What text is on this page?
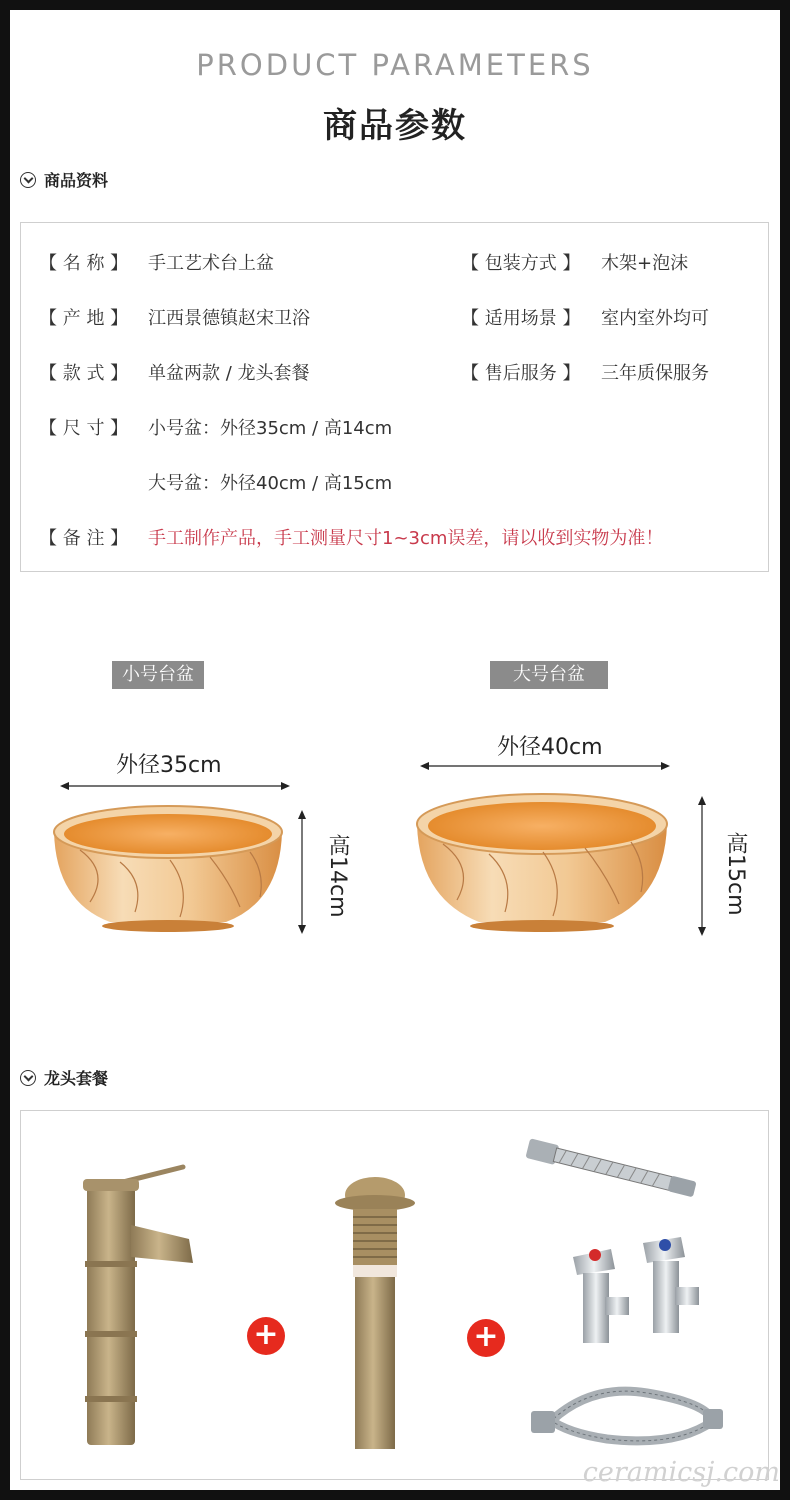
PRODUCT PARAMETERS
商品参数
商品资料
【 名 称 】 手工艺术台上盆	【 包装方式 】 木架+泡沫
【 产 地 】 江西景德镇赵宋卫浴	【 适用场景 】 室内室外均可
【 款 式 】 单盆两款 / 龙头套餐	【 售后服务 】 三年质保服务
【 尺 寸 】 小号盆：外径35cm / 高14cm
大号盆：外径40cm / 高15cm
【 备 注 】 手工制作产品，手工测量尺寸1~3cm误差，请以收到实物为准！
小号台盆
外径35cm
高14cm
大号台盆
外径40cm
高15cm
龙头套餐
+	+
ceramicsj.com
